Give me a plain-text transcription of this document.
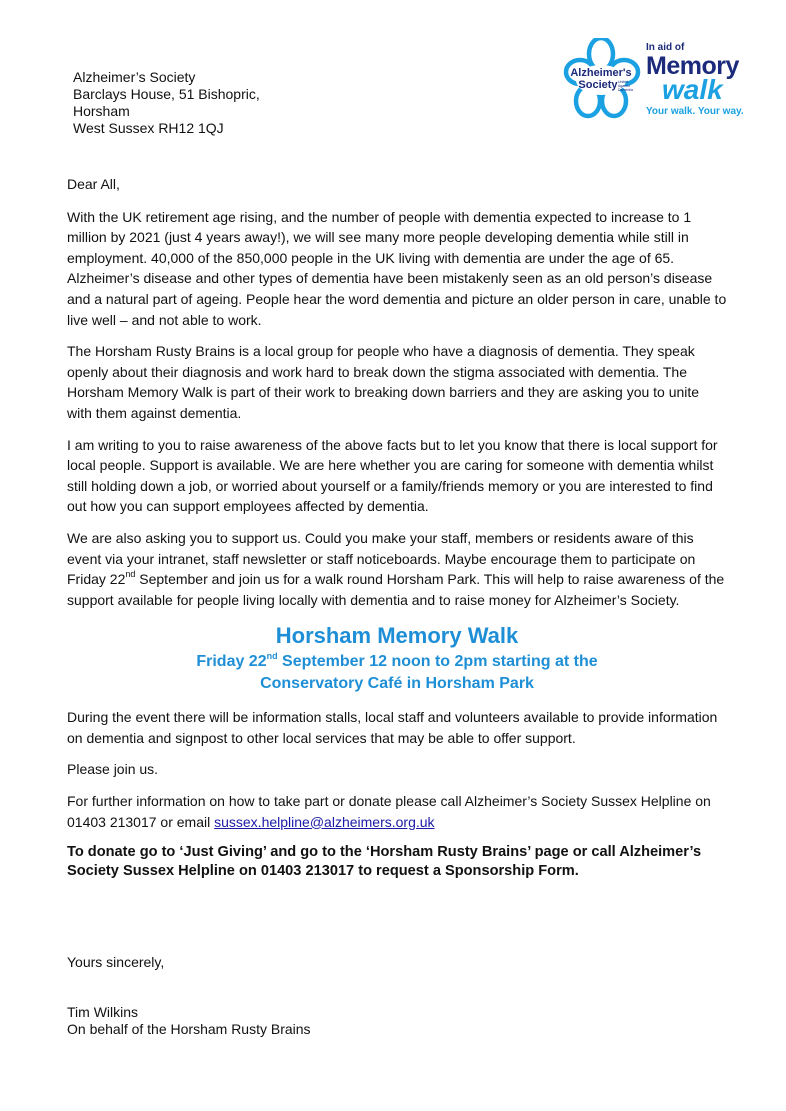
Alzheimer’s Society
Barclays House, 51 Bishopric,
Horsham
West Sussex RH12 1QJ
Alzheimer's
Society United
Against
Dementia
In aid of
Memory
walk
Your walk. Your way.

Dear All,

With the UK retirement age rising, and the number of people with dementia expected to increase to 1 million by 2021 (just 4 years away!), we will see many more people developing dementia while still in employment. 40,000 of the 850,000 people in the UK living with dementia are under the age of 65. Alzheimer’s disease and other types of dementia have been mistakenly seen as an old person’s disease and a natural part of ageing. People hear the word dementia and picture an older person in care, unable to live well – and not able to work.

The Horsham Rusty Brains is a local group for people who have a diagnosis of dementia. They speak openly about their diagnosis and work hard to break down the stigma associated with dementia. The Horsham Memory Walk is part of their work to breaking down barriers and they are asking you to unite with them against dementia.

I am writing to you to raise awareness of the above facts but to let you know that there is local support for local people. Support is available. We are here whether you are caring for someone with dementia whilst still holding down a job, or worried about yourself or a family/friends memory or you are interested to find out how you can support employees affected by dementia.

We are also asking you to support us. Could you make your staff, members or residents aware of this event via your intranet, staff newsletter or staff noticeboards. Maybe encourage them to participate on Friday 22nd September and join us for a walk round Horsham Park. This will help to raise awareness of the support available for people living locally with dementia and to raise money for Alzheimer’s Society.

Horsham Memory Walk
Friday 22nd September 12 noon to 2pm starting at the
Conservatory Café in Horsham Park

During the event there will be information stalls, local staff and volunteers available to provide information on dementia and signpost to other local services that may be able to offer support.

Please join us.

For further information on how to take part or donate please call Alzheimer’s Society Sussex Helpline on 01403 213017 or email sussex.helpline@alzheimers.org.uk

To donate go to ‘Just Giving’ and go to the ‘Horsham Rusty Brains’ page or call Alzheimer’s Society Sussex Helpline on 01403 213017 to request a Sponsorship Form.

Yours sincerely,
Tim Wilkins
On behalf of the Horsham Rusty Brains
